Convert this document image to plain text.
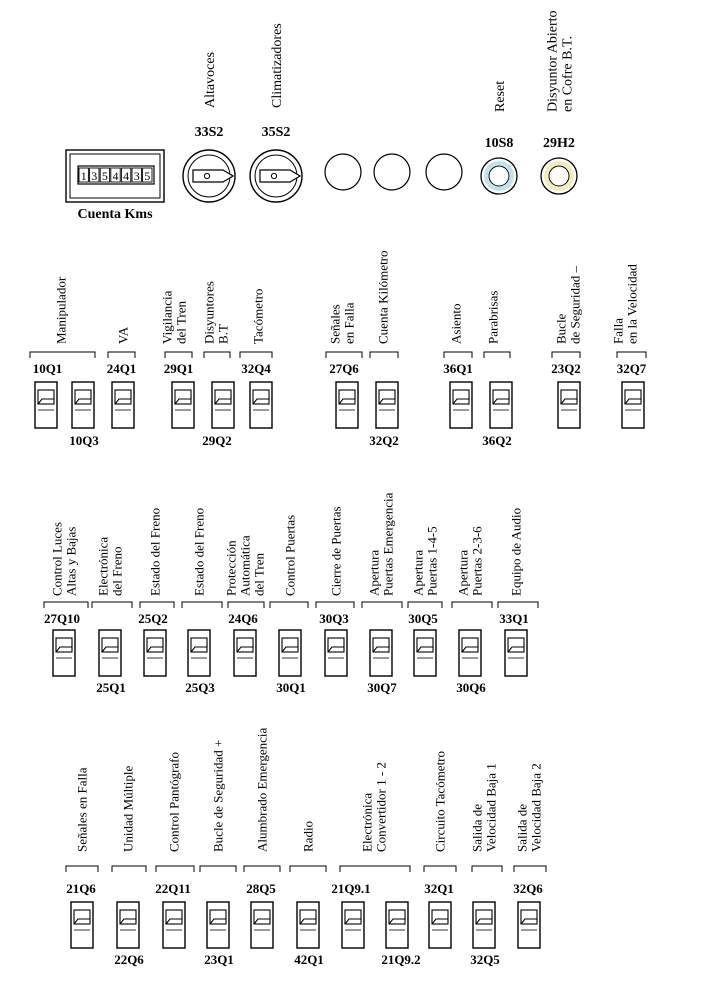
1 3 5 4 4 3 5
Cuenta Kms
33S2
Altavoces
35S2
Climatizadores
10S8
Reset
29H2
Disyuntor Abierto en Cofre B.T.
Manipulador
10Q1
10Q3
VA
24Q1
Vigilancia del Tren
29Q1
Disyuntores B.T
29Q2
Tacómetro
32Q4
Señales en Falla
27Q6
Cuenta Kilómetro
32Q2
Asiento
36Q1
Parabrisas
36Q2
Bucle de Seguridad –
23Q2
Falla en la Velocidad
32Q7
Control Luces Altas y Bajas
27Q10
Electrónica del Freno
25Q1
Estado del Freno
25Q2
Estado del Freno
25Q3
Protección Automática del Tren
24Q6
Control Puertas
30Q1
Cierre de Puertas
30Q3
Apertura Puertas Emergencia
30Q7
Apertura Puertas 1-4-5
30Q5
Apertura Puertas 2-3-6
30Q6
Equipo de Audio
33Q1
Señales en Falla
21Q6
Unidad Múltiple
22Q6
Control Pantógrafo
22Q11
Bucle de Seguridad +
23Q1
Alumbrado Emergencia
28Q5
Radio
42Q1
Electrónica Convertidor 1 - 2
21Q9.1
21Q9.2
Circuito Tacómetro
32Q1
Salida de Velocidad Baja 1
32Q5
Salida de Velocidad Baja 2
32Q6
